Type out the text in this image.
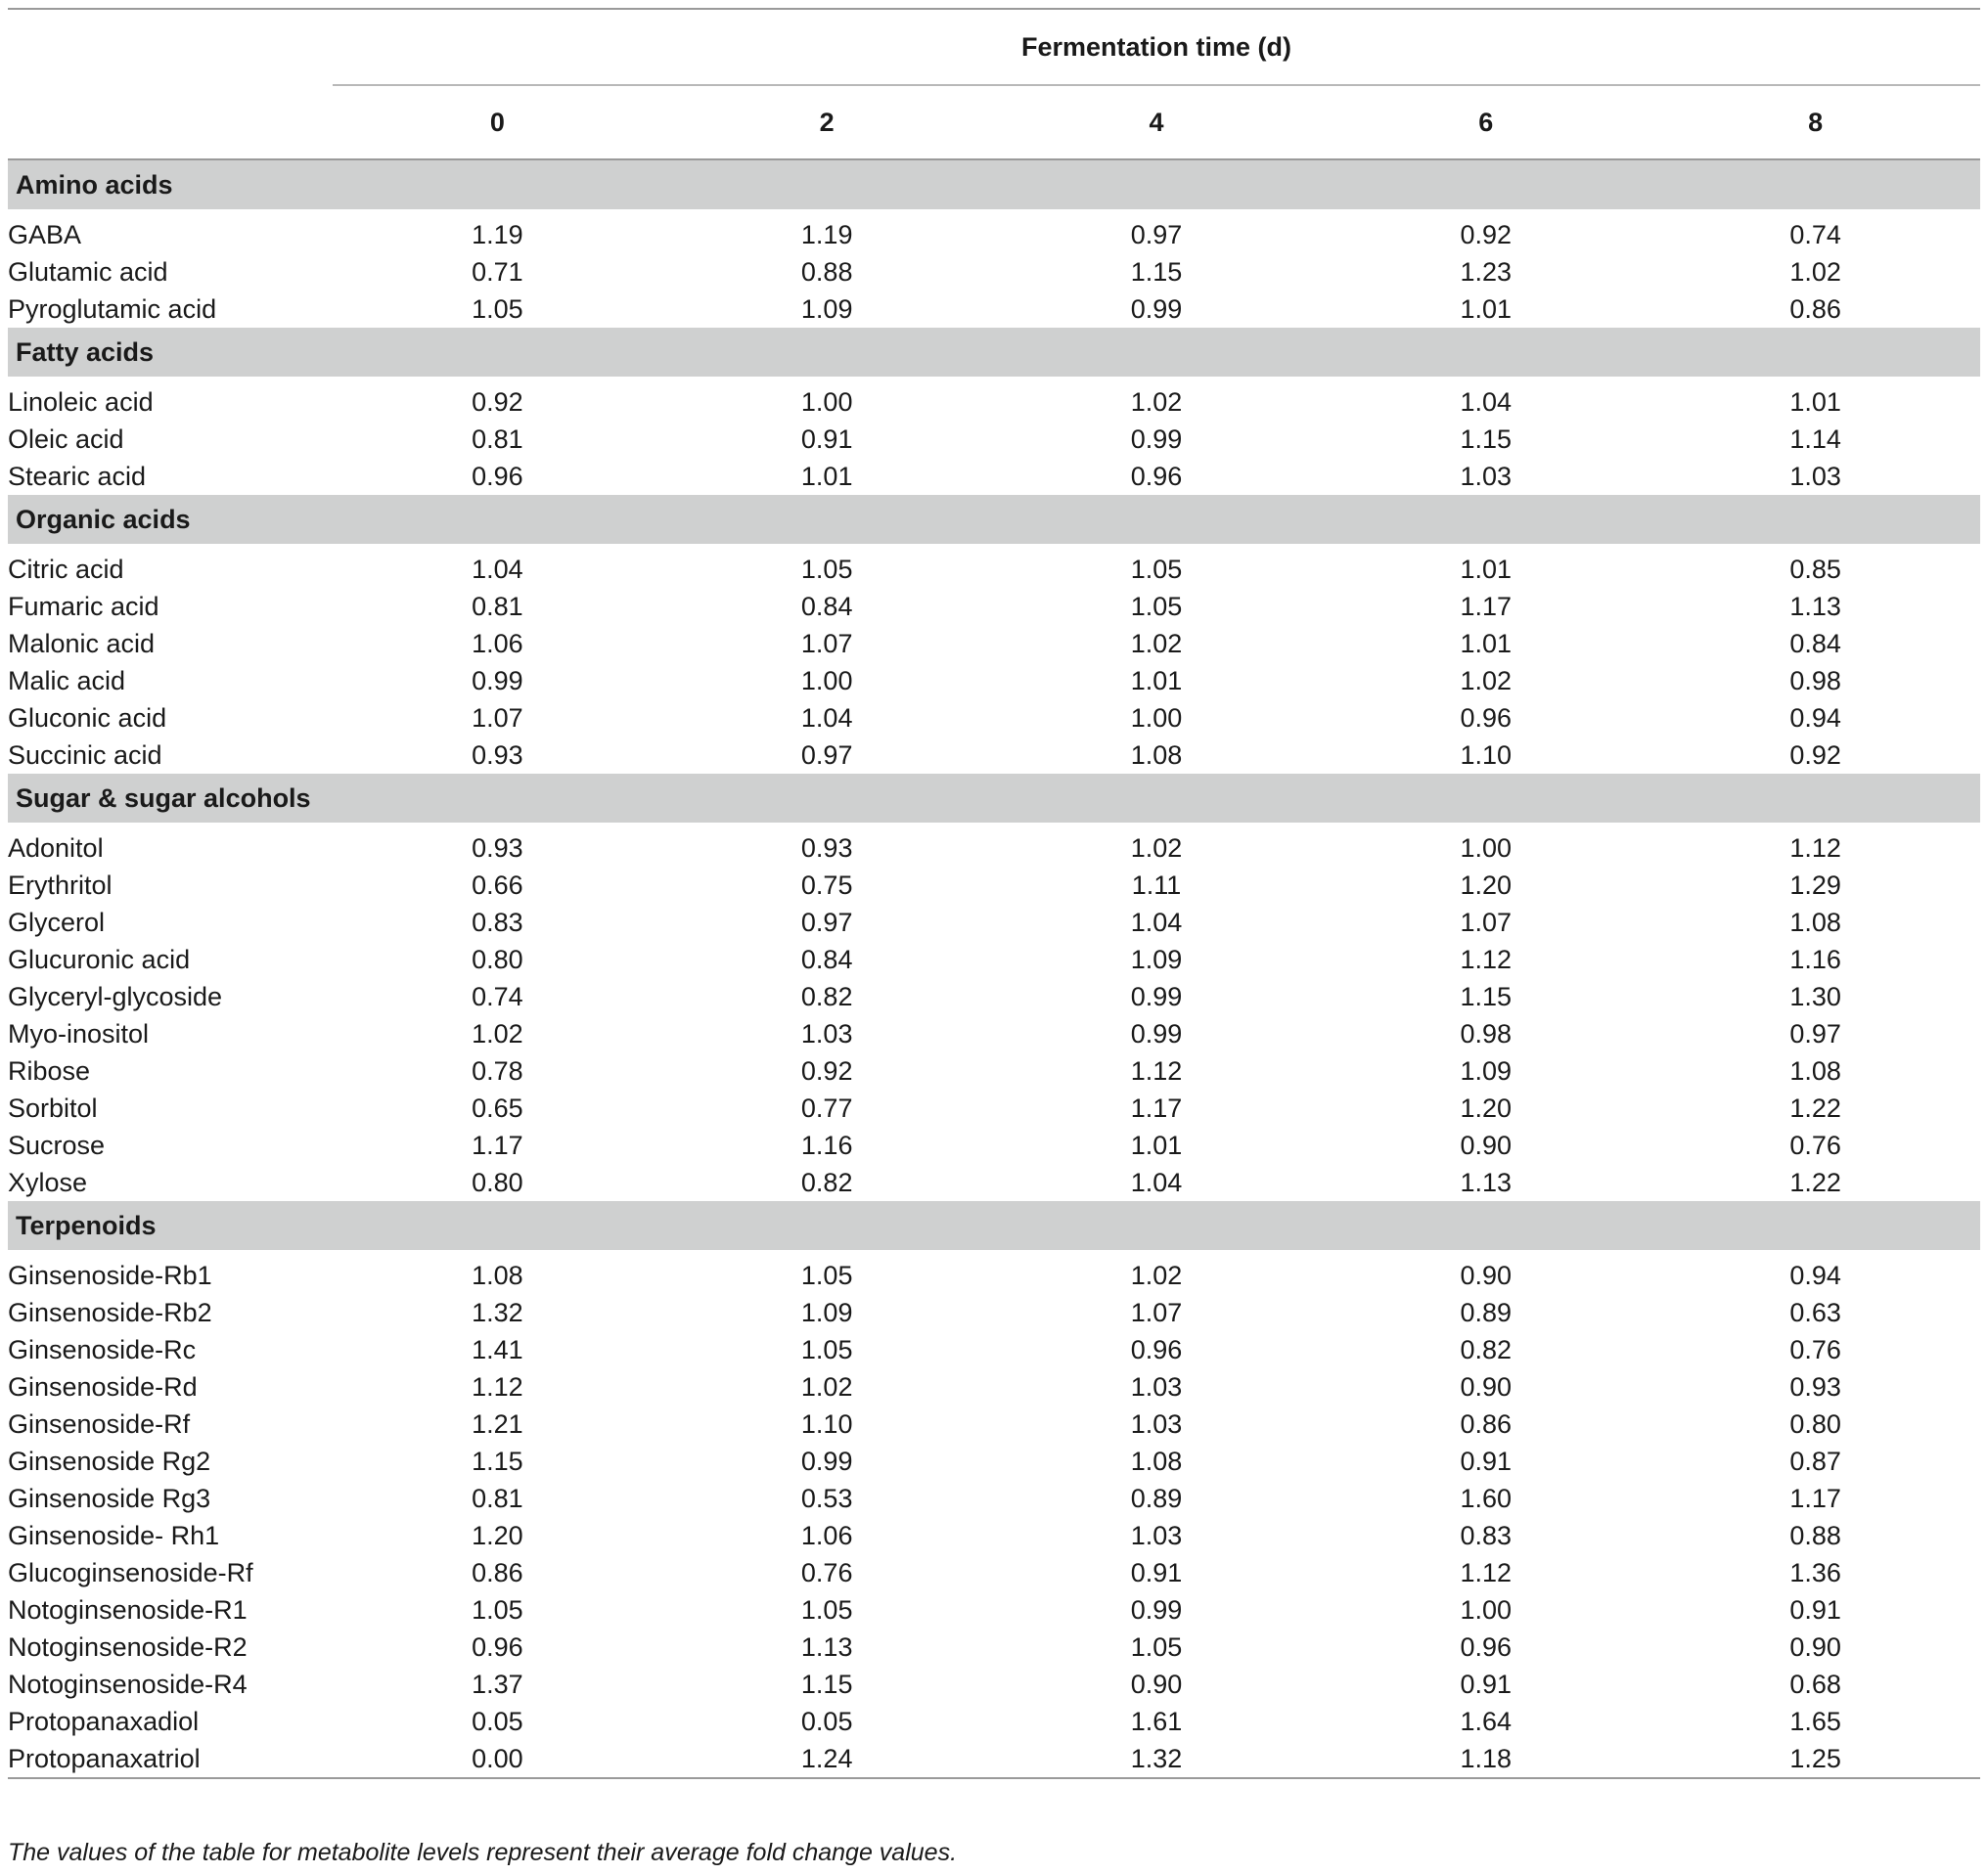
	Fermentation time (d)				
	0	2	4	6	8
Amino acids					

GABA	1.19	1.19	0.97	0.92	0.74
Glutamic acid	0.71	0.88	1.15	1.23	1.02
Pyroglutamic acid	1.05	1.09	0.99	1.01	0.86
Fatty acids					

Linoleic acid	0.92	1.00	1.02	1.04	1.01
Oleic acid	0.81	0.91	0.99	1.15	1.14
Stearic acid	0.96	1.01	0.96	1.03	1.03
Organic acids					

Citric acid	1.04	1.05	1.05	1.01	0.85
Fumaric acid	0.81	0.84	1.05	1.17	1.13
Malonic acid	1.06	1.07	1.02	1.01	0.84
Malic acid	0.99	1.00	1.01	1.02	0.98
Gluconic acid	1.07	1.04	1.00	0.96	0.94
Succinic acid	0.93	0.97	1.08	1.10	0.92
Sugar & sugar alcohols					

Adonitol	0.93	0.93	1.02	1.00	1.12
Erythritol	0.66	0.75	1.11	1.20	1.29
Glycerol	0.83	0.97	1.04	1.07	1.08
Glucuronic acid	0.80	0.84	1.09	1.12	1.16
Glyceryl-glycoside	0.74	0.82	0.99	1.15	1.30
Myo-inositol	1.02	1.03	0.99	0.98	0.97
Ribose	0.78	0.92	1.12	1.09	1.08
Sorbitol	0.65	0.77	1.17	1.20	1.22
Sucrose	1.17	1.16	1.01	0.90	0.76
Xylose	0.80	0.82	1.04	1.13	1.22
Terpenoids					

Ginsenoside-Rb1	1.08	1.05	1.02	0.90	0.94
Ginsenoside-Rb2	1.32	1.09	1.07	0.89	0.63
Ginsenoside-Rc	1.41	1.05	0.96	0.82	0.76
Ginsenoside-Rd	1.12	1.02	1.03	0.90	0.93
Ginsenoside-Rf	1.21	1.10	1.03	0.86	0.80
Ginsenoside Rg2	1.15	0.99	1.08	0.91	0.87
Ginsenoside Rg3	0.81	0.53	0.89	1.60	1.17
Ginsenoside- Rh1	1.20	1.06	1.03	0.83	0.88
Glucoginsenoside-Rf	0.86	0.76	0.91	1.12	1.36
Notoginsenoside-R1	1.05	1.05	0.99	1.00	0.91
Notoginsenoside-R2	0.96	1.13	1.05	0.96	0.90
Notoginsenoside-R4	1.37	1.15	0.90	0.91	0.68
Protopanaxadiol	0.05	0.05	1.61	1.64	1.65
Protopanaxatriol	0.00	1.24	1.32	1.18	1.25

The values of the table for metabolite levels represent their average fold change values.
